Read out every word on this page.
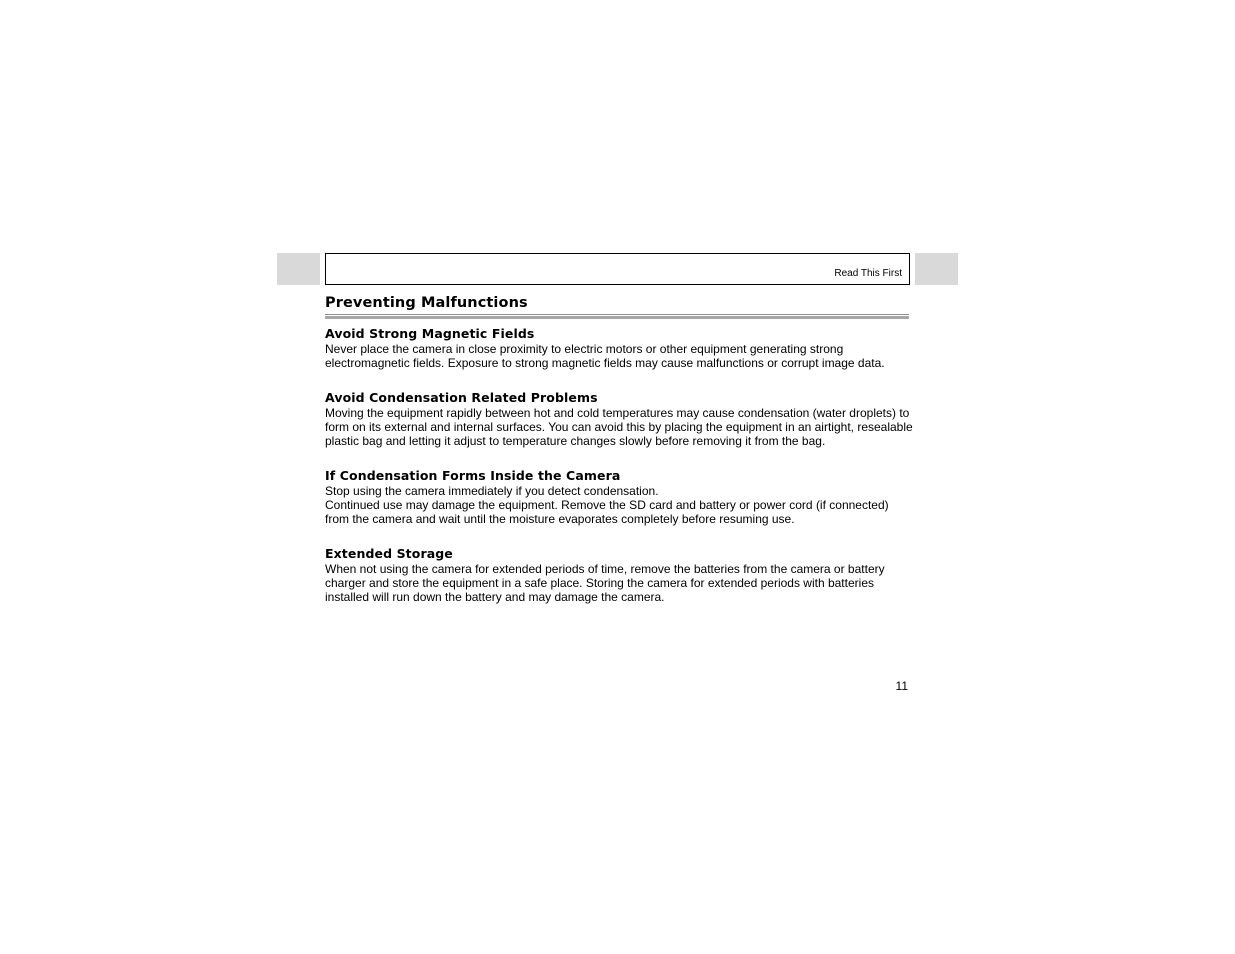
Read This First
Preventing Malfunctions
Avoid Strong Magnetic Fields

Never place the camera in close proximity to electric motors or other equipment generating strong electromagnetic fields. Exposure to strong magnetic fields may cause malfunctions or corrupt image data.

Avoid Condensation Related Problems

Moving the equipment rapidly between hot and cold temperatures may cause condensation (water droplets) to form on its external and internal surfaces. You can avoid this by placing the equipment in an airtight, resealable plastic bag and letting it adjust to temperature changes slowly before removing it from the bag.

If Condensation Forms Inside the Camera

Stop using the camera immediately if you detect condensation.

Continued use may damage the equipment. Remove the SD card and battery or power cord (if connected) from the camera and wait until the moisture evaporates completely before resuming use.

Extended Storage

When not using the camera for extended periods of time, remove the batteries from the camera or battery charger and store the equipment in a safe place. Storing the camera for extended periods with batteries installed will run down the battery and may damage the camera.

11
